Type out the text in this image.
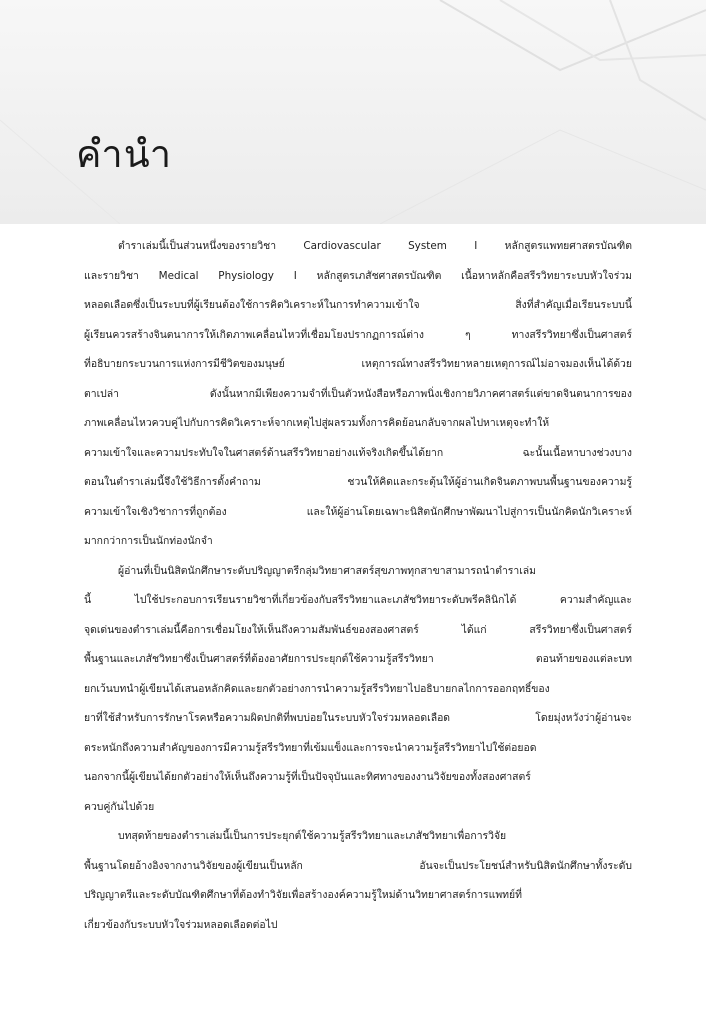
คำนำ
ตำราเล่มนี้เป็นส่วนหนึ่งของรายวิชา Cardiovascular System I หลักสูตรแพทยศาสตรบัณฑิต
และรายวิชา Medical Physiology I หลักสูตรเภสัชศาสตรบัณฑิต เนื้อหาหลักคือสรีรวิทยาระบบหัวใจร่วม
หลอดเลือดซึ่งเป็นระบบที่ผู้เรียนต้องใช้การคิดวิเคราะห์ในการทำความเข้าใจ สิ่งที่สำคัญเมื่อเรียนระบบนี้
ผู้เรียนควรสร้างจินตนาการให้เกิดภาพเคลื่อนไหวที่เชื่อมโยงปรากฏการณ์ต่าง ๆ ทางสรีรวิทยาซึ่งเป็นศาสตร์
ที่อธิบายกระบวนการแห่งการมีชีวิตของมนุษย์ เหตุการณ์ทางสรีรวิทยาหลายเหตุการณ์ไม่อาจมองเห็นได้ด้วย
ตาเปล่า ดังนั้นหากมีเพียงความจำที่เป็นตัวหนังสือหรือภาพนิ่งเชิงกายวิภาคศาสตร์แต่ขาดจินตนาการของ
ภาพเคลื่อนไหวควบคู่ไปกับการคิดวิเคราะห์จากเหตุไปสู่ผลรวมทั้งการคิดย้อนกลับจากผลไปหาเหตุจะทำให้
ความเข้าใจและความประทับใจในศาสตร์ด้านสรีรวิทยาอย่างแท้จริงเกิดขึ้นได้ยาก ฉะนั้นเนื้อหาบางช่วงบาง
ตอนในตำราเล่มนี้จึงใช้วิธีการตั้งคำถาม ชวนให้คิดและกระตุ้นให้ผู้อ่านเกิดจินตภาพบนพื้นฐานของความรู้
ความเข้าใจเชิงวิชาการที่ถูกต้อง และให้ผู้อ่านโดยเฉพาะนิสิตนักศึกษาพัฒนาไปสู่การเป็นนักคิดนักวิเคราะห์
มากกว่าการเป็นนักท่องนักจำ
ผู้อ่านที่เป็นนิสิตนักศึกษาระดับปริญญาตรีกลุ่มวิทยาศาสตร์สุขภาพทุกสาขาสามารถนำตำราเล่ม
นี้ ไปใช้ประกอบการเรียนรายวิชาที่เกี่ยวข้องกับสรีรวิทยาและเภสัชวิทยาระดับพรีคลินิกได้ ความสำคัญและ
จุดเด่นของตำราเล่มนี้คือการเชื่อมโยงให้เห็นถึงความสัมพันธ์ของสองศาสตร์ ได้แก่ สรีรวิทยาซึ่งเป็นศาสตร์
พื้นฐานและเภสัชวิทยาซึ่งเป็นศาสตร์ที่ต้องอาศัยการประยุกต์ใช้ความรู้สรีรวิทยา ตอนท้ายของแต่ละบท
ยกเว้นบทนำผู้เขียนได้เสนอหลักคิดและยกตัวอย่างการนำความรู้สรีรวิทยาไปอธิบายกลไกการออกฤทธิ์ของ
ยาที่ใช้สำหรับการรักษาโรคหรือความผิดปกติที่พบบ่อยในระบบหัวใจร่วมหลอดเลือด โดยมุ่งหวังว่าผู้อ่านจะ
ตระหนักถึงความสำคัญของการมีความรู้สรีรวิทยาที่เข้มแข็งและการจะนำความรู้สรีรวิทยาไปใช้ต่อยอด
นอกจากนี้ผู้เขียนได้ยกตัวอย่างให้เห็นถึงความรู้ที่เป็นปัจจุบันและทิศทางของงานวิจัยของทั้งสองศาสตร์
ควบคู่กันไปด้วย
บทสุดท้ายของตำราเล่มนี้เป็นการประยุกต์ใช้ความรู้สรีรวิทยาและเภสัชวิทยาเพื่อการวิจัย
พื้นฐานโดยอ้างอิงจากงานวิจัยของผู้เขียนเป็นหลัก อันจะเป็นประโยชน์สำหรับนิสิตนักศึกษาทั้งระดับ
ปริญญาตรีและระดับบัณฑิตศึกษาที่ต้องทำวิจัยเพื่อสร้างองค์ความรู้ใหม่ด้านวิทยาศาสตร์การแพทย์ที่
เกี่ยวข้องกับระบบหัวใจร่วมหลอดเลือดต่อไป
